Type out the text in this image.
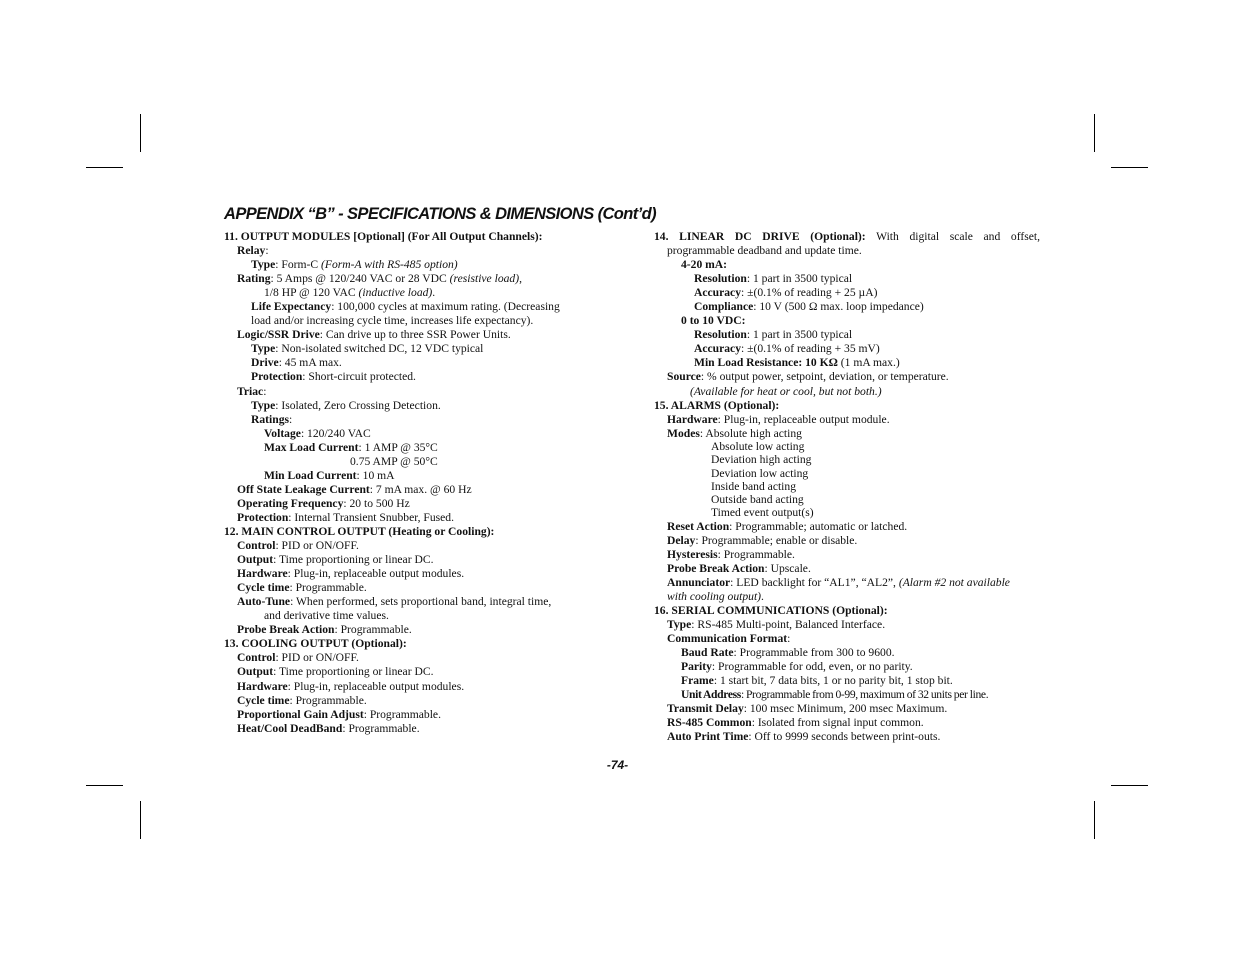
APPENDIX “B” - SPECIFICATIONS & DIMENSIONS (Cont’d)
11. OUTPUT MODULES [Optional] (For All Output Channels):
Relay:
Type: Form-C (Form-A with RS-485 option)
Rating: 5 Amps @ 120/240 VAC or 28 VDC (resistive load),
1/8 HP @ 120 VAC (inductive load).
Life Expectancy: 100,000 cycles at maximum rating. (Decreasing
load and/or increasing cycle time, increases life expectancy).
Logic/SSR Drive: Can drive up to three SSR Power Units.
Type: Non-isolated switched DC, 12 VDC typical
Drive: 45 mA max.
Protection: Short-circuit protected.
Triac:
Type: Isolated, Zero Crossing Detection.
Ratings:
Voltage: 120/240 VAC
Max Load Current: 1 AMP @ 35°C
0.75 AMP @ 50°C
Min Load Current: 10 mA
Off State Leakage Current: 7 mA max. @ 60 Hz
Operating Frequency: 20 to 500 Hz
Protection: Internal Transient Snubber, Fused.
12. MAIN CONTROL OUTPUT (Heating or Cooling):
Control: PID or ON/OFF.
Output: Time proportioning or linear DC.
Hardware: Plug-in, replaceable output modules.
Cycle time: Programmable.
Auto-Tune: When performed, sets proportional band, integral time,
and derivative time values.
Probe Break Action: Programmable.
13. COOLING OUTPUT (Optional):
Control: PID or ON/OFF.
Output: Time proportioning or linear DC.
Hardware: Plug-in, replaceable output modules.
Cycle time: Programmable.
Proportional Gain Adjust: Programmable.
Heat/Cool DeadBand: Programmable.
14. LINEAR DC DRIVE (Optional): With digital scale and offset,
programmable deadband and update time.
4-20 mA:
Resolution: 1 part in 3500 typical
Accuracy: ±(0.1% of reading + 25 µA)
Compliance: 10 V (500 Ω max. loop impedance)
0 to 10 VDC:
Resolution: 1 part in 3500 typical
Accuracy: ±(0.1% of reading + 35 mV)
Min Load Resistance: 10 KΩ (1 mA max.)
Source: % output power, setpoint, deviation, or temperature.
(Available for heat or cool, but not both.)
15. ALARMS (Optional):
Hardware: Plug-in, replaceable output module.
Modes: Absolute high acting
Absolute low acting
Deviation high acting
Deviation low acting
Inside band acting
Outside band acting
Timed event output(s)
Reset Action: Programmable; automatic or latched.
Delay: Programmable; enable or disable.
Hysteresis: Programmable.
Probe Break Action: Upscale.
Annunciator: LED backlight for “AL1”, “AL2”, (Alarm #2 not available
with cooling output).
16. SERIAL COMMUNICATIONS (Optional):
Type: RS-485 Multi-point, Balanced Interface.
Communication Format:
Baud Rate: Programmable from 300 to 9600.
Parity: Programmable for odd, even, or no parity.
Frame: 1 start bit, 7 data bits, 1 or no parity bit, 1 stop bit.
Unit Address: Programmable from 0-99, maximum of 32 units per line.
Transmit Delay: 100 msec Minimum, 200 msec Maximum.
RS-485 Common: Isolated from signal input common.
Auto Print Time: Off to 9999 seconds between print-outs.
-74-
